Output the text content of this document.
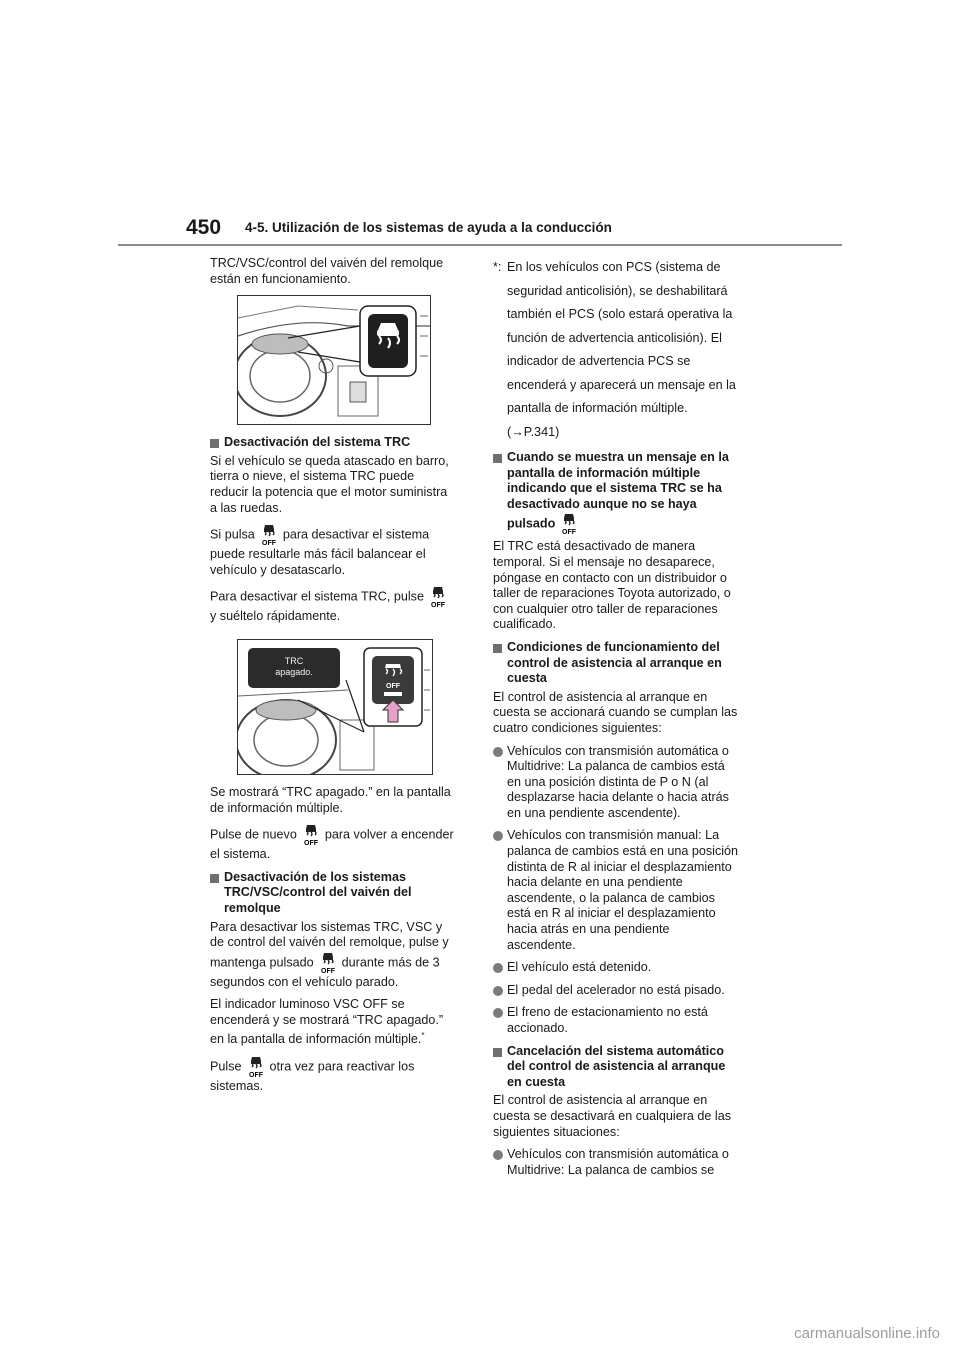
450 4-5. Utilización de los sistemas de ayuda a la conducción

TRC/VSC/control del vaivén del remolque están en funcionamiento.

Desactivación del sistema TRC

Si el vehículo se queda atascado en barro, tierra o nieve, el sistema TRC puede reducir la potencia que el motor suministra a las ruedas.

Si pulsa
OFF
para desactivar el sistema puede resultarle más fácil balancear el vehículo y desatascarlo.

Para desactivar el sistema TRC, pulse
OFF
y suéltelo rápidamente.

OFF
TRC
apagado.

Se mostrará “TRC apagado.” en la pantalla de información múltiple.

Pulse de nuevo
OFF
para volver a encender el sistema.

Desactivación de los sistemas TRC/VSC/control del vaivén del remolque

Para desactivar los sistemas TRC, VSC y de control del vaivén del remolque, pulse y mantenga pulsado
OFF
durante más de 3 segundos con el vehículo parado.

El indicador luminoso VSC OFF se encenderá y se mostrará “TRC apagado.” en la pantalla de información múltiple.*

Pulse
OFF
otra vez para reactivar los sistemas.

*: En los vehículos con PCS (sistema de seguridad anticolisión), se deshabilitará también el PCS (solo estará operativa la función de advertencia anticolisión). El indicador de advertencia PCS se encenderá y aparecerá un mensaje en la pantalla de información múltiple. (→P.341)

Cuando se muestra un mensaje en la pantalla de información múltiple indicando que el sistema TRC se ha desactivado aunque no se haya pulsado
OFF

El TRC está desactivado de manera temporal. Si el mensaje no desaparece, póngase en contacto con un distribuidor o taller de reparaciones Toyota autorizado, o con cualquier otro taller de reparaciones cualificado.

Condiciones de funcionamiento del control de asistencia al arranque en cuesta

El control de asistencia al arranque en cuesta se accionará cuando se cumplan las cuatro condiciones siguientes:

Vehículos con transmisión automática o Multidrive: La palanca de cambios está en una posición distinta de P o N (al desplazarse hacia delante o hacia atrás en una pendiente ascendente).

Vehículos con transmisión manual: La palanca de cambios está en una posición distinta de R al iniciar el desplazamiento hacia delante en una pendiente ascendente, o la palanca de cambios está en R al iniciar el desplazamiento hacia atrás en una pendiente ascendente.

El vehículo está detenido.

El pedal del acelerador no está pisado.

El freno de estacionamiento no está accionado.

Cancelación del sistema automático del control de asistencia al arranque en cuesta

El control de asistencia al arranque en cuesta se desactivará en cualquiera de las siguientes situaciones:

Vehículos con transmisión automática o Multidrive: La palanca de cambios se

carmanualsonline.info
